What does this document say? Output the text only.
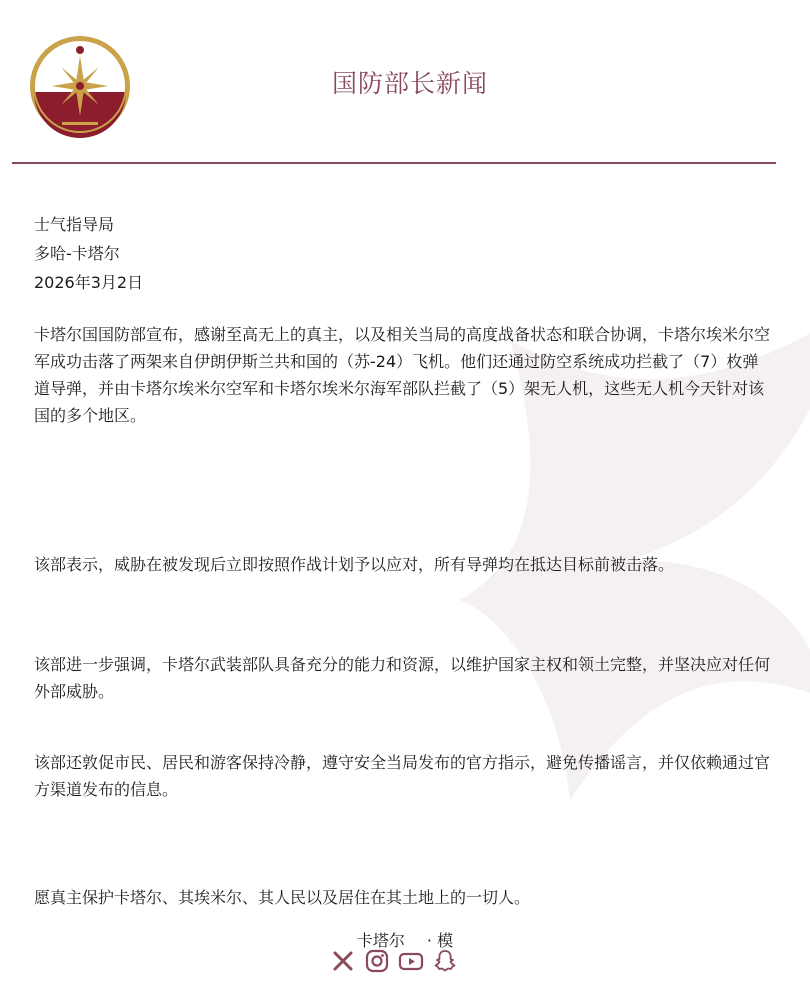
国防部长新闻
士气指导局
多哈-卡塔尔
2026年3月2日
卡塔尔国国防部宣布，感谢至高无上的真主，以及相关当局的高度战备状态和联合协调，卡塔尔埃米尔空军成功击落了两架来自伊朗伊斯兰共和国的（苏-24）飞机。他们还通过防空系统成功拦截了（7）枚弹道导弹，并由卡塔尔埃米尔空军和卡塔尔埃米尔海军部队拦截了（5）架无人机，这些无人机今天针对该国的多个地区。
该部表示，威胁在被发现后立即按照作战计划予以应对，所有导弹均在抵达目标前被击落。
该部进一步强调，卡塔尔武装部队具备充分的能力和资源，以维护国家主权和领土完整，并坚决应对任何外部威胁。
该部还敦促市民、居民和游客保持冷静，遵守安全当局发布的官方指示，避免传播谣言，并仅依赖通过官方渠道发布的信息。
愿真主保护卡塔尔、其埃米尔、其人民以及居住在其土地上的一切人。
卡塔尔 · 模
